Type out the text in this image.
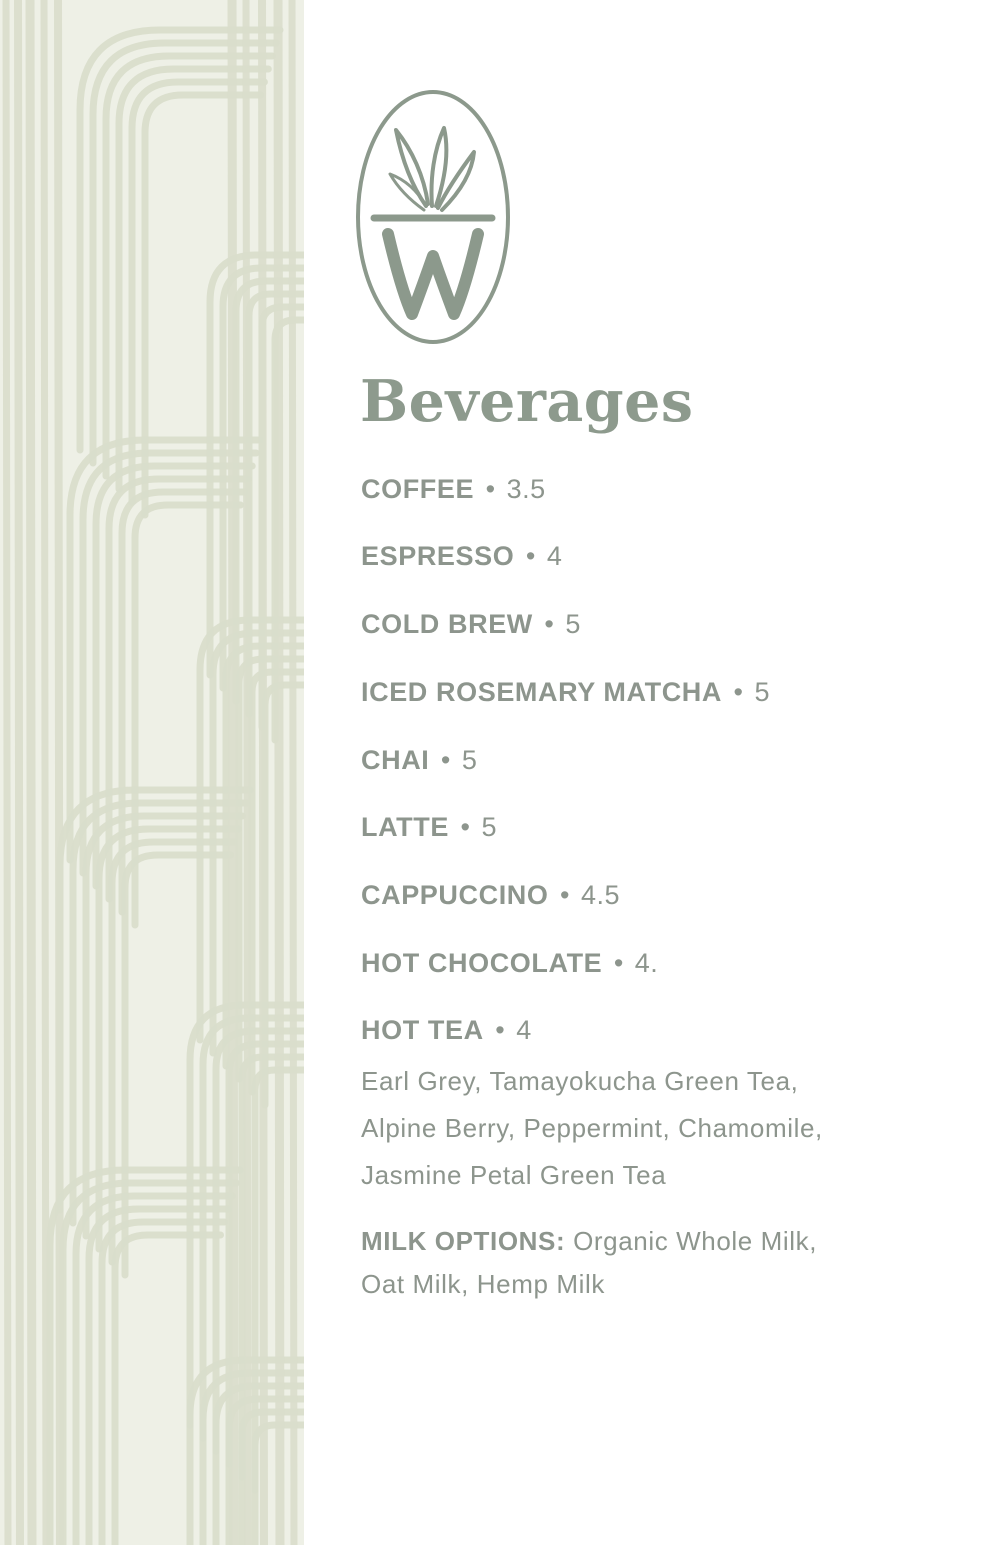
Beverages

COFFEE • 3.5

ESPRESSO • 4

COLD BREW • 5

ICED ROSEMARY MATCHA • 5

CHAI • 5

LATTE • 5

CAPPUCCINO • 4.5

HOT CHOCOLATE • 4.

HOT TEA • 4

Earl Grey, Tamayokucha Green Tea,
Alpine Berry, Peppermint, Chamomile,
Jasmine Petal Green Tea

MILK OPTIONS: Organic Whole Milk,
Oat Milk, Hemp Milk
